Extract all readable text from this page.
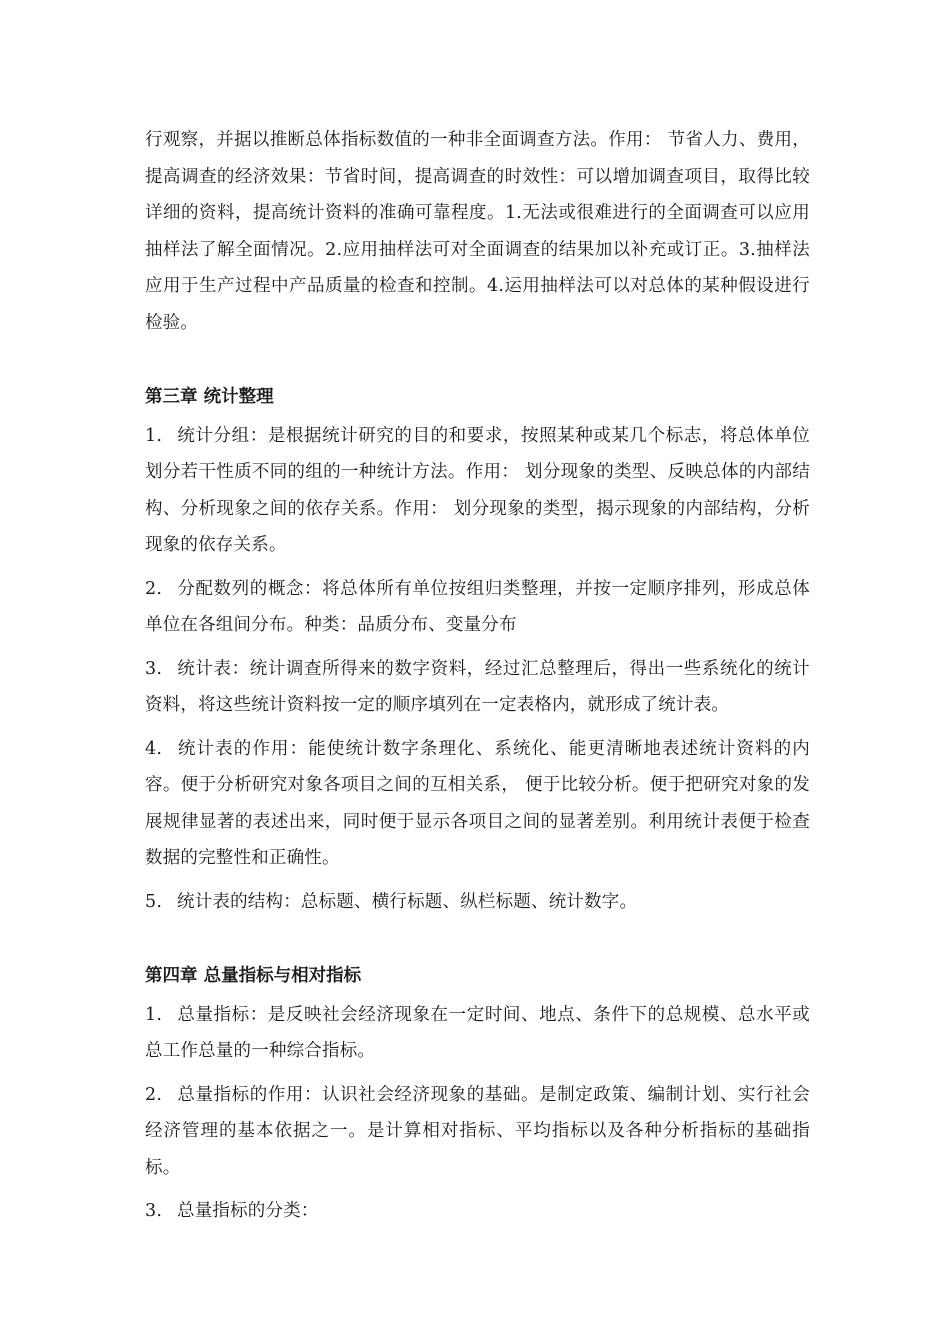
行观察，并据以推断总体指标数值的一种非全面调查方法。作用： 节省人力、费用，提高调查的经济效果：节省时间，提高调查的时效性：可以增加调查项目，取得比较详细的资料，提高统计资料的准确可靠程度。1.无法或很难进行的全面调查可以应用抽样法了解全面情况。2.应用抽样法可对全面调查的结果加以补充或订正。3.抽样法应用于生产过程中产品质量的检查和控制。4.运用抽样法可以对总体的某种假设进行检验。

第三章 统计整理

1. 统计分组：是根据统计研究的目的和要求，按照某种或某几个标志，将总体单位划分若干性质不同的组的一种统计方法。作用： 划分现象的类型、反映总体的内部结构、分析现象之间的依存关系。作用： 划分现象的类型，揭示现象的内部结构，分析现象的依存关系。

2. 分配数列的概念：将总体所有单位按组归类整理，并按一定顺序排列，形成总体单位在各组间分布。种类：品质分布、变量分布

3. 统计表：统计调查所得来的数字资料，经过汇总整理后，得出一些系统化的统计资料，将这些统计资料按一定的顺序填列在一定表格内，就形成了统计表。

4. 统计表的作用：能使统计数字条理化、系统化、能更清晰地表述统计资料的内容。便于分析研究对象各项目之间的互相关系， 便于比较分析。便于把研究对象的发展规律显著的表述出来，同时便于显示各项目之间的显著差别。利用统计表便于检查数据的完整性和正确性。

5. 统计表的结构：总标题、横行标题、纵栏标题、统计数字。

第四章 总量指标与相对指标

1. 总量指标：是反映社会经济现象在一定时间、地点、条件下的总规模、总水平或总工作总量的一种综合指标。

2. 总量指标的作用：认识社会经济现象的基础。是制定政策、编制计划、实行社会经济管理的基本依据之一。是计算相对指标、平均指标以及各种分析指标的基础指标。

3. 总量指标的分类：
